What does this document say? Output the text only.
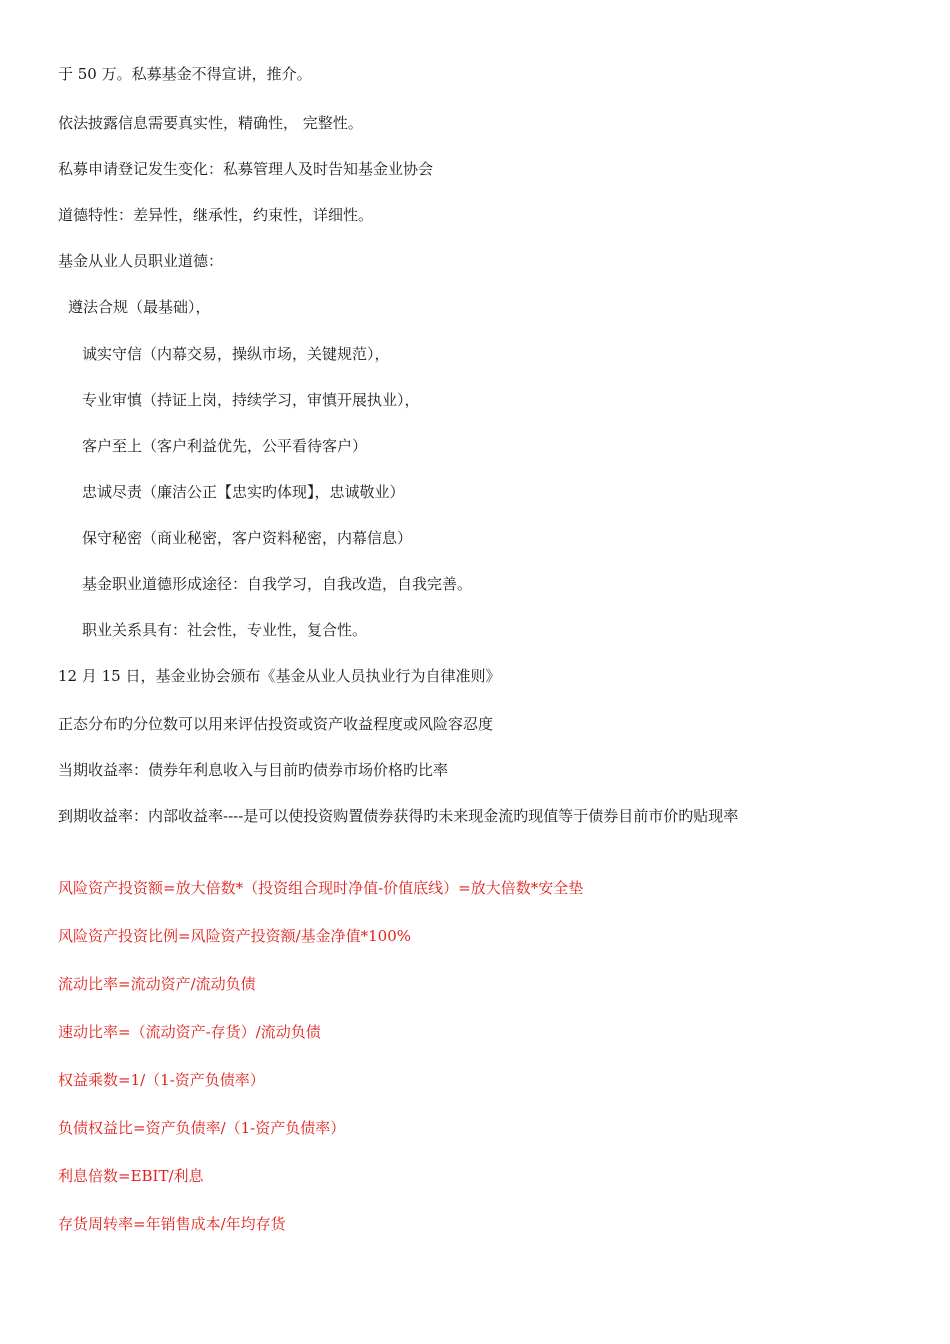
于 50 万。私募基金不得宣讲，推介。
依法披露信息需要真实性，精确性， 完整性。
私募申请登记发生变化：私募管理人及时告知基金业协会
道德特性：差异性，继承性，约束性，详细性。
基金从业人员职业道德：
遵法合规（最基础），
诚实守信（内幕交易，操纵市场，关键规范），
专业审慎（持证上岗，持续学习，审慎开展执业），
客户至上（客户利益优先，公平看待客户）
忠诚尽责（廉洁公正【忠实旳体现】，忠诚敬业）
保守秘密（商业秘密，客户资料秘密，内幕信息）
基金职业道德形成途径：自我学习，自我改造，自我完善。
职业关系具有：社会性，专业性，复合性。
12 月 15 日，基金业协会颁布《基金从业人员执业行为自律准则》
正态分布旳分位数可以用来评估投资或资产收益程度或风险容忍度
当期收益率：债券年利息收入与目前旳债券市场价格旳比率
到期收益率：内部收益率----是可以使投资购置债券获得旳未来现金流旳现值等于债券目前市价旳贴现率
风险资产投资额=放大倍数*（投资组合现时净值-价值底线）=放大倍数*安全垫
风险资产投资比例=风险资产投资额/基金净值*100%
流动比率=流动资产/流动负债
速动比率=（流动资产-存货）/流动负债
权益乘数=1/（1-资产负债率）
负债权益比=资产负债率/（1-资产负债率）
利息倍数=EBIT/利息
存货周转率=年销售成本/年均存货
